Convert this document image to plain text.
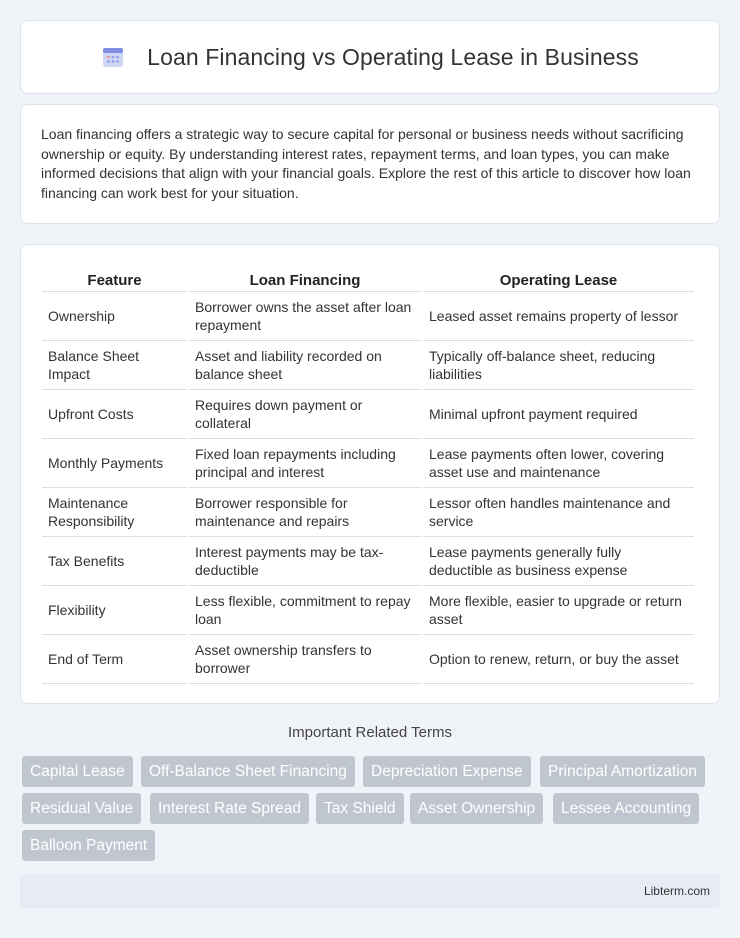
Loan Financing vs Operating Lease in Business

Loan financing offers a strategic way to secure capital for personal or business needs without sacrificing ownership or equity. By understanding interest rates, repayment terms, and loan types, you can make informed decisions that align with your financial goals. Explore the rest of this article to discover how loan financing can work best for your situation.

Feature	Loan Financing	Operating Lease
Ownership	Borrower owns the asset after loan repayment	Leased asset remains property of lessor
Balance Sheet Impact	Asset and liability recorded on balance sheet	Typically off-balance sheet, reducing liabilities
Upfront Costs	Requires down payment or collateral	Minimal upfront payment required
Monthly Payments	Fixed loan repayments including principal and interest	Lease payments often lower, covering asset use and maintenance
Maintenance Responsibility	Borrower responsible for maintenance and repairs	Lessor often handles maintenance and service
Tax Benefits	Interest payments may be tax-deductible	Lease payments generally fully deductible as business expense
Flexibility	Less flexible, commitment to repay loan	More flexible, easier to upgrade or return asset
End of Term	Asset ownership transfers to borrower	Option to renew, return, or buy the asset
Important Related Terms
Capital Lease	Off-Balance Sheet Financing	Depreciation Expense	Principal Amortization
Residual Value	Interest Rate Spread	Tax Shield	Asset Ownership	Lessee Accounting
Balloon Payment
Libterm.com
